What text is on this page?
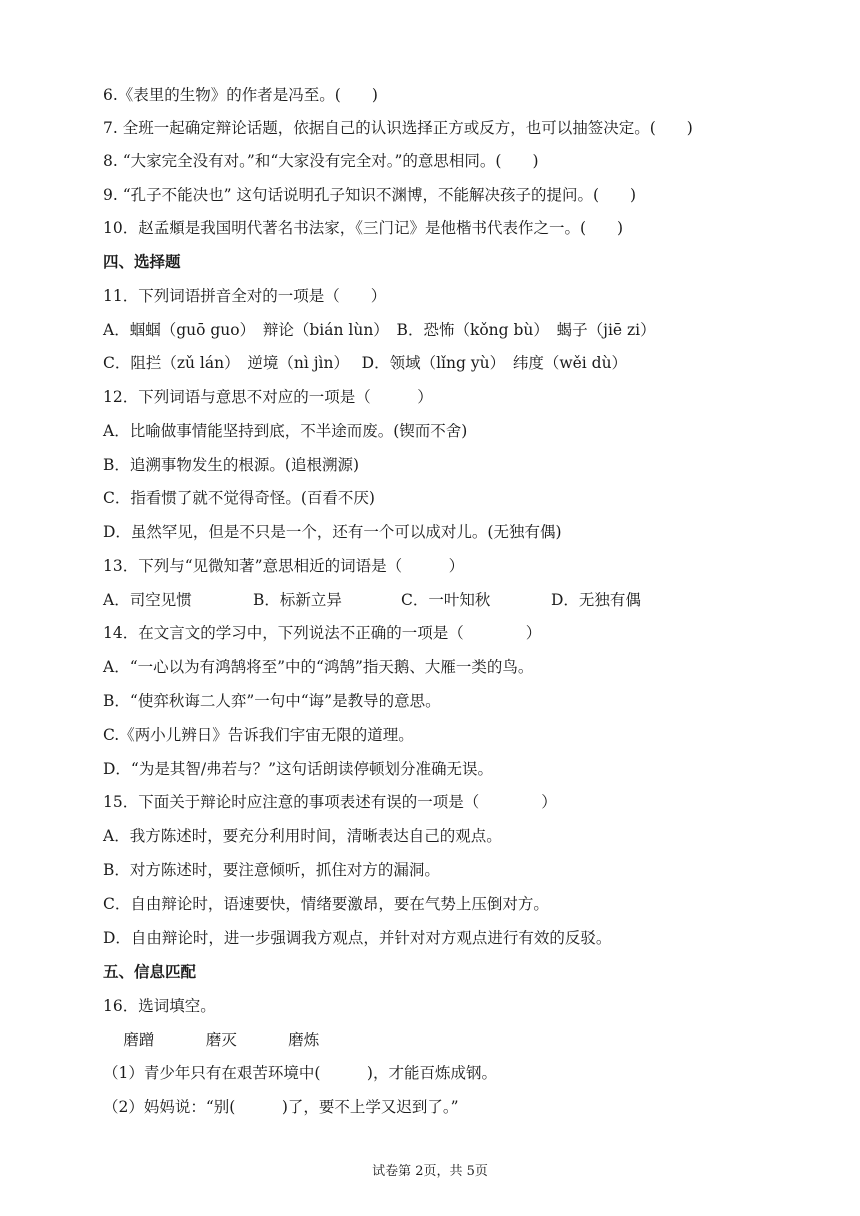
6.《表里的生物》的作者是冯至。(　　)

7. 全班一起确定辩论话题，依据自己的认识选择正方或反方，也可以抽签决定。(　　)

8. “大家完全没有对。”和“大家没有完全对。”的意思相同。(　　)

9. “孔子不能决也” 这句话说明孔子知识不渊博，不能解决孩子的提问。(　　)

10．赵孟頫是我国明代著名书法家，《三门记》是他楷书代表作之一。(　　)

四、选择题

11．下列词语拼音全对的一项是（　　）

A．蝈蝈（guō guo）　辩论（bián lùn）　B．恐怖（kǒng bù）　蝎子（jiē zi）

C．阻拦（zǔ lán）　逆境（nì jìn）　 D．领域（lǐng yù）　纬度（wěi dù）

12．下列词语与意思不对应的一项是（　　　）

A．比喻做事情能坚持到底，不半途而废。(锲而不舍)

B．追溯事物发生的根源。(追根溯源)

C．指看惯了就不觉得奇怪。(百看不厌)

D．虽然罕见，但是不只是一个，还有一个可以成对儿。(无独有偶)

13．下列与“见微知著”意思相近的词语是（　　　）

A．司空见惯	B．标新立异	C．一叶知秋	D．无独有偶

14．在文言文的学习中，下列说法不正确的一项是（　　　　）

A．“一心以为有鸿鹄将至”中的“鸿鹄”指天鹅、大雁一类的鸟。

B．“使弈秋诲二人弈”一句中“诲”是教导的意思。

C.《两小儿辨日》告诉我们宇宙无限的道理。

D．“为是其智/弗若与？”这句话朗读停顿划分准确无误。

15．下面关于辩论时应注意的事项表述有误的一项是（　　　　）

A．我方陈述时，要充分利用时间，清晰表达自己的观点。

B．对方陈述时，要注意倾听，抓住对方的漏洞。

C．自由辩论时，语速要快，情绪要激昂，要在气势上压倒对方。

D．自由辩论时，进一步强调我方观点，并针对对方观点进行有效的反驳。

五、信息匹配

16．选词填空。

　 磨蹭　　　 磨灭　　　 磨炼

（1）青少年只有在艰苦环境中(　　　)，才能百炼成钢。

（2）妈妈说：“别(　　　)了，要不上学又迟到了。”

试卷第 2页，共 5页
